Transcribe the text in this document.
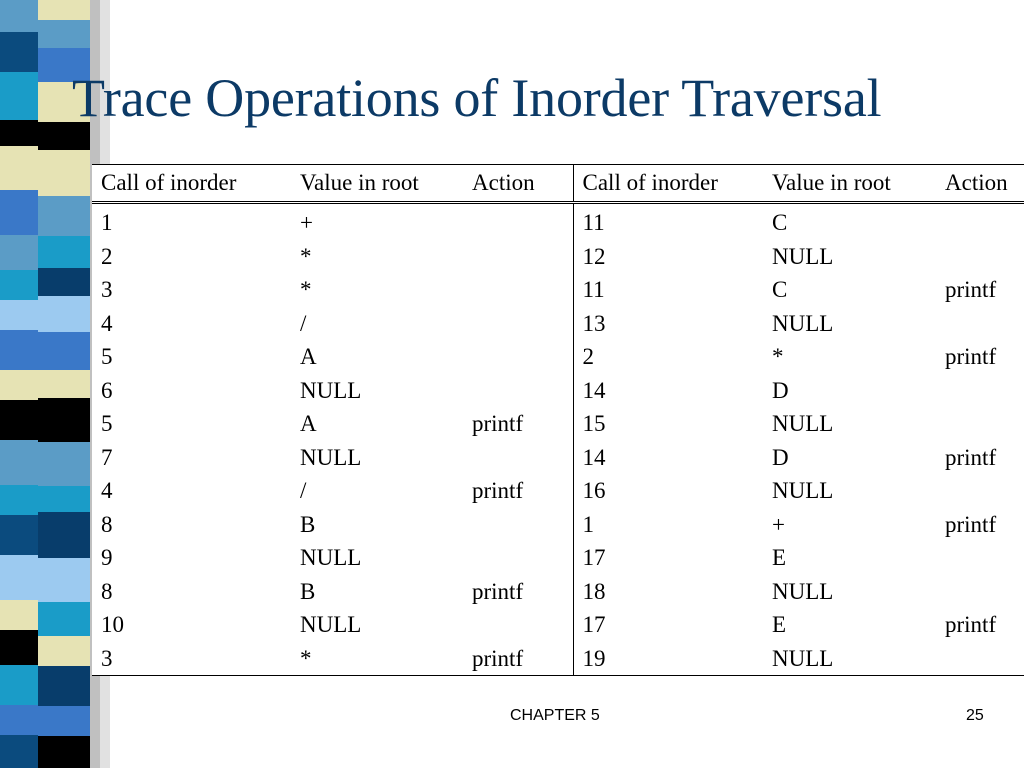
Trace Operations of Inorder Traversal
Call of inorder	Value in root	Action	Call of inorder	Value in root	Action
1	+		11	C	
2	*		12	NULL	
3	*		11	C	printf
4	/		13	NULL	
5	A		2	*	printf
6	NULL		14	D	
5	A	printf	15	NULL	
7	NULL		14	D	printf
4	/	printf	16	NULL	
8	B		1	+	printf
9	NULL		17	E	
8	B	printf	18	NULL	
10	NULL		17	E	printf
3	*	printf	19	NULL	
CHAPTER 5	25
